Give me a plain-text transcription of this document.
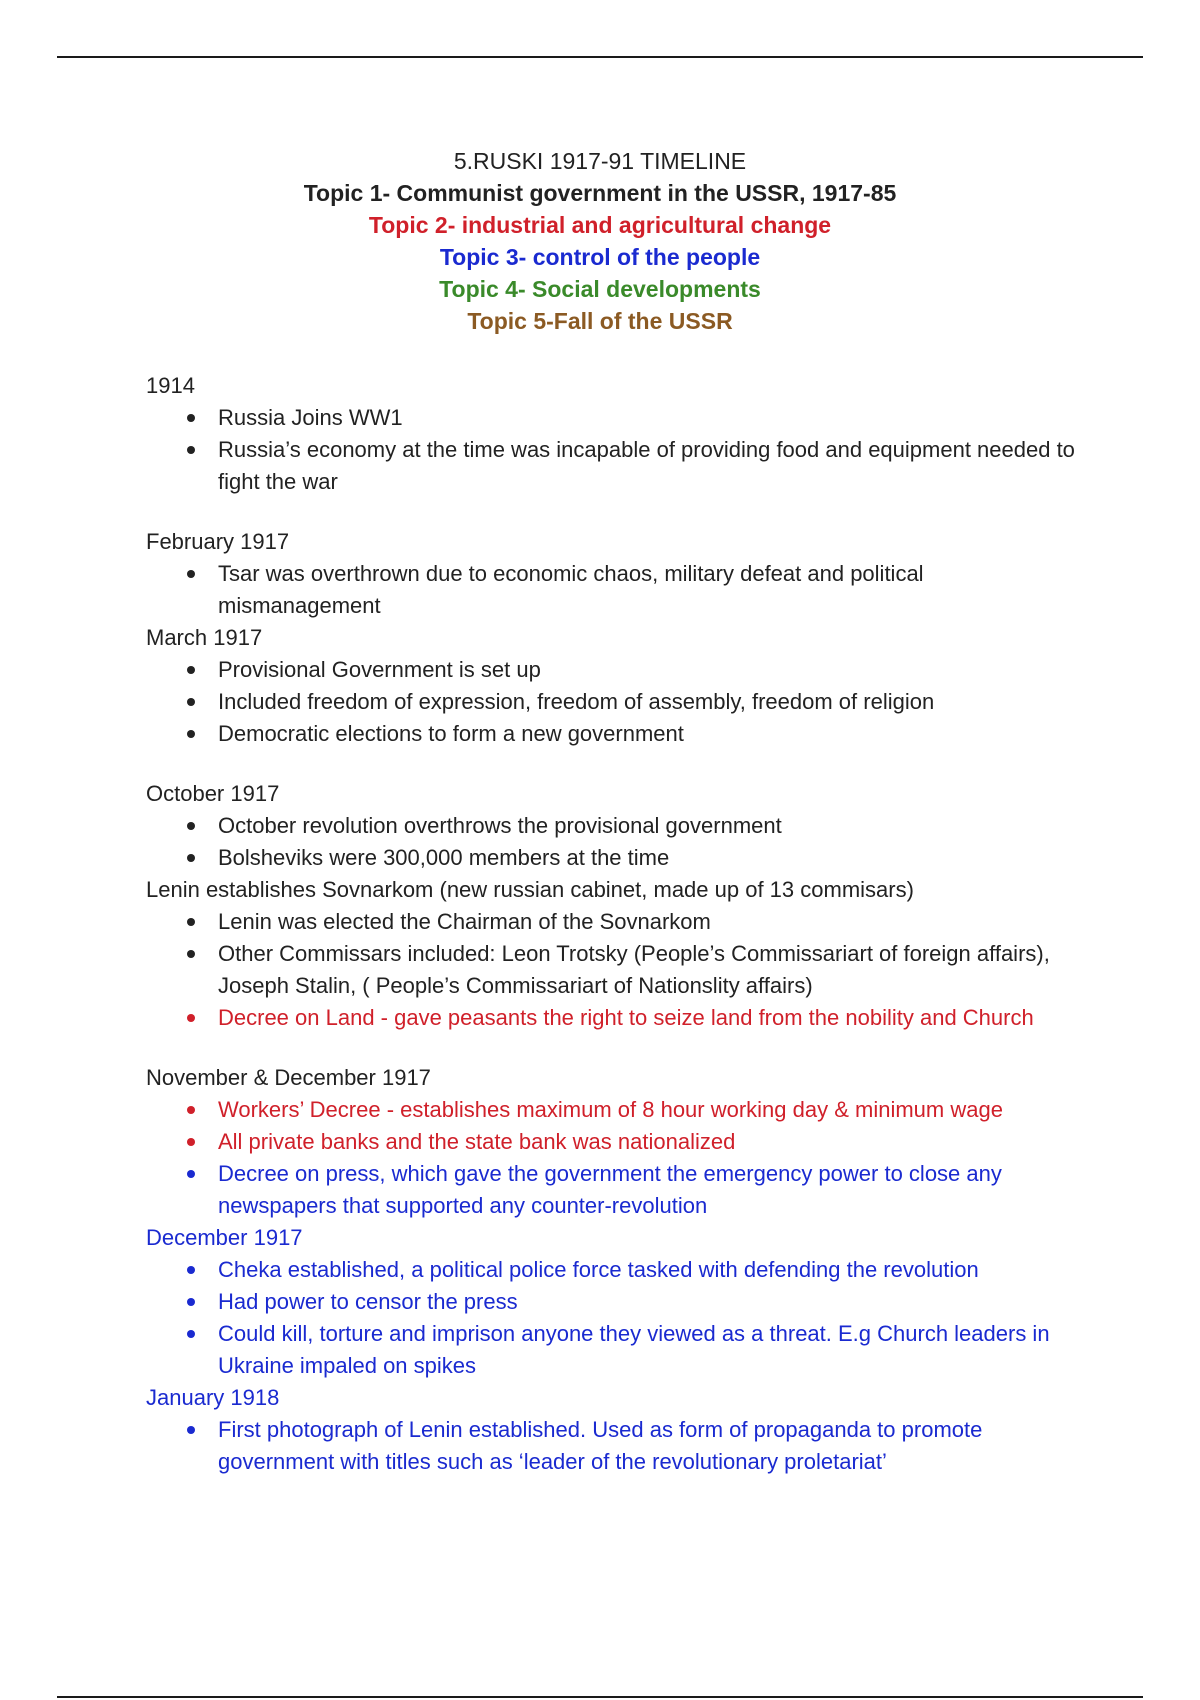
5.RUSKI 1917-91 TIMELINE
Topic 1- Communist government in the USSR, 1917-85
Topic 2- industrial and agricultural change
Topic 3- control of the people
Topic 4- Social developments
Topic 5-Fall of the USSR
1914
Russia Joins WW1
Russia’s economy at the time was incapable of providing food and equipment needed to fight the war
February 1917
Tsar was overthrown due to economic chaos, military defeat and political mismanagement
March 1917
Provisional Government is set up
Included freedom of expression, freedom of assembly, freedom of religion
Democratic elections to form a new government
October 1917
October revolution overthrows the provisional government
Bolsheviks were 300,000 members at the time
Lenin establishes Sovnarkom (new russian cabinet, made up of 13 commisars)
Lenin was elected the Chairman of the Sovnarkom
Other Commissars included: Leon Trotsky (People’s Commissariart of foreign affairs), Joseph Stalin, ( People’s Commissariart of Nationslity affairs)
Decree on Land - gave peasants the right to seize land from the nobility and Church
November & December 1917
Workers’ Decree - establishes maximum of 8 hour working day & minimum wage
All private banks and the state bank was nationalized
Decree on press, which gave the government the emergency power to close any newspapers that supported any counter-revolution
December 1917
Cheka established, a political police force tasked with defending the revolution
Had power to censor the press
Could kill, torture and imprison anyone they viewed as a threat. E.g Church leaders in Ukraine impaled on spikes
January 1918
First photograph of Lenin established. Used as form of propaganda to promote government with titles such as ‘leader of the revolutionary proletariat’
